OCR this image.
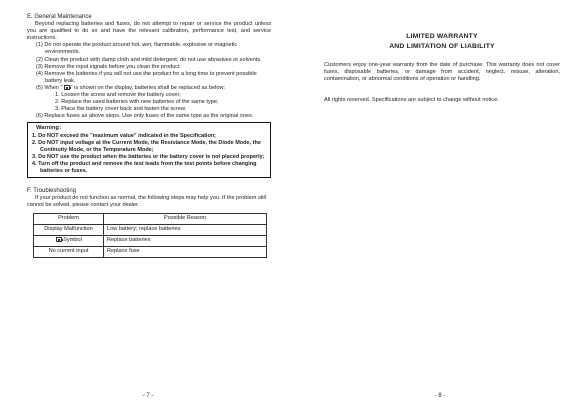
E. General Maintenance

Beyond replacing batteries and fuses, do not attempt to repair or service the product unless you are qualified to do so and have the relevant calibration, performance test, and service instructions.

(1) Do not operate the product around hot, wet, flammable, explosive or magnetic environments.
(2) Clean the product with damp cloth and mild detergent; do not use abrasives or solvents.
(3) Remove the input signals before you clean the product.
(4) Remove the batteries if you will not use the product for a long time to prevent possible battery leak.
(5) When " " is shown on the display, batteries shall be replaced as below:
1. Loosen the screw and remove the battery cover;
2. Replace the used batteries with new batteries of the same type;
3. Place the battery cover back and fasten the screw.
(6) Replace fuses as above steps. Use only fuses of the same type as the original ones.
Warning：
1. Do NOT exceed the "maximum value" indicated in the Specification;
2. Do NOT input voltage at the Current Mode, the Resistance Mode, the Diode Mode, the Continuity Mode, or the Temperature Mode;
3. Do NOT use the product when the batteries or the battery cover is not placed properly;
4. Turn off the product and remove the test leads from the test points before changing batteries or fuses.
F. Troubleshooting

If your product do not function as normal, the following steps may help you. If the problem still cannot be solved, please contact your dealer.

Problem	Possible Reason
Display Malfunction	Low battery; replace batteries
Symbol	Replace batteries
No current input	Replace fuse
- 7 -
LIMITED WARRANTY
AND LIMITATION OF LIABILITY

Customers enjoy one-year warranty from the date of purchase. This warranty does not cover fuses, disposable batteries, or damage from accident, neglect, misuse, alteration, contamination, or abnormal conditions of operation or handling.

All rights reserved. Specifications are subject to change without notice.

- 8 -
